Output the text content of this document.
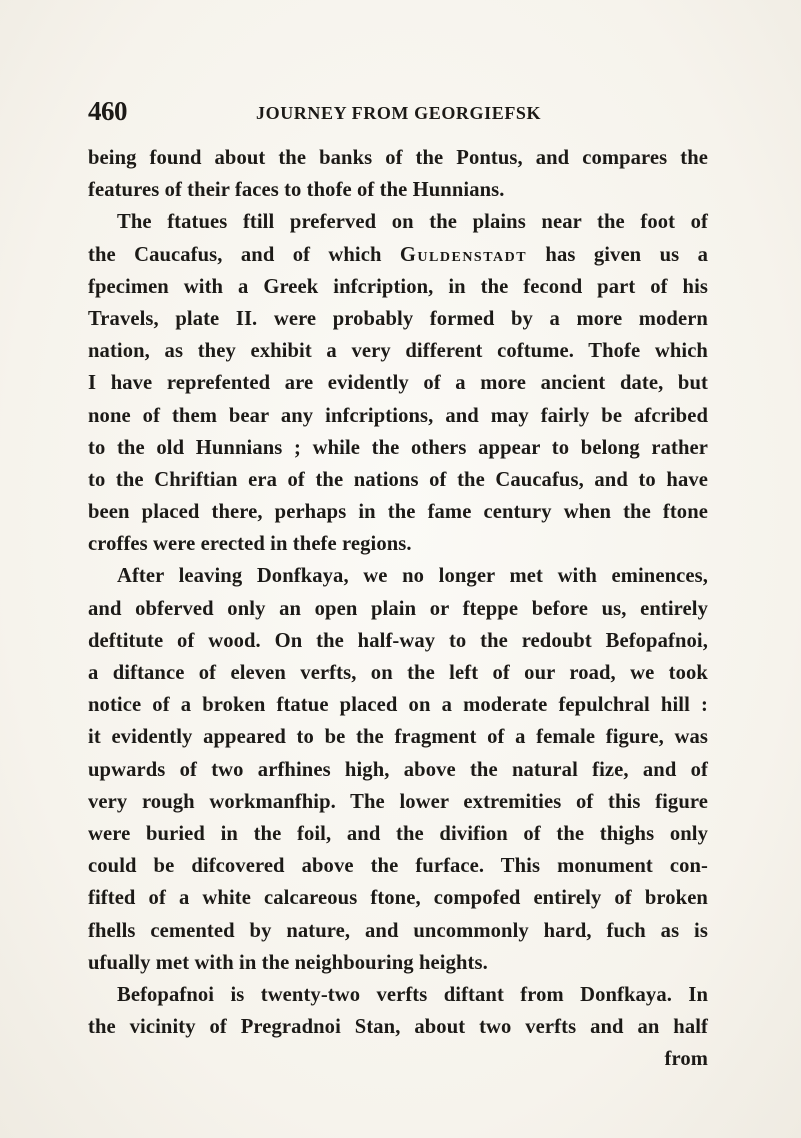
460	JOURNEY FROM GEORGIEFSK
being found about the banks of the Pontus, and compares the
features of their faces to thofe of the Hunnians.
The ftatues ftill preferved on the plains near the foot of
the Caucafus, and of which Guldenstadt has given us a
fpecimen with a Greek infcription, in the fecond part of his
Travels, plate II. were probably formed by a more modern
nation, as they exhibit a very different coftume. Thofe which
I have reprefented are evidently of a more ancient date, but
none of them bear any infcriptions, and may fairly be afcribed
to the old Hunnians ; while the others appear to belong rather
to the Chriftian era of the nations of the Caucafus, and to have
been placed there, perhaps in the fame century when the ftone
croffes were erected in thefe regions.
After leaving Donfkaya, we no longer met with eminences,
and obferved only an open plain or fteppe before us, entirely
deftitute of wood. On the half-way to the redoubt Befopafnoi,
a diftance of eleven verfts, on the left of our road, we took
notice of a broken ftatue placed on a moderate fepulchral hill :
it evidently appeared to be the fragment of a female figure, was
upwards of two arfhines high, above the natural fize, and of
very rough workmanfhip. The lower extremities of this figure
were buried in the foil, and the divifion of the thighs only
could be difcovered above the furface. This monument con-
fifted of a white calcareous ftone, compofed entirely of broken
fhells cemented by nature, and uncommonly hard, fuch as is
ufually met with in the neighbouring heights.
Befopafnoi is twenty-two verfts diftant from Donfkaya. In
the vicinity of Pregradnoi Stan, about two verfts and an half
from
